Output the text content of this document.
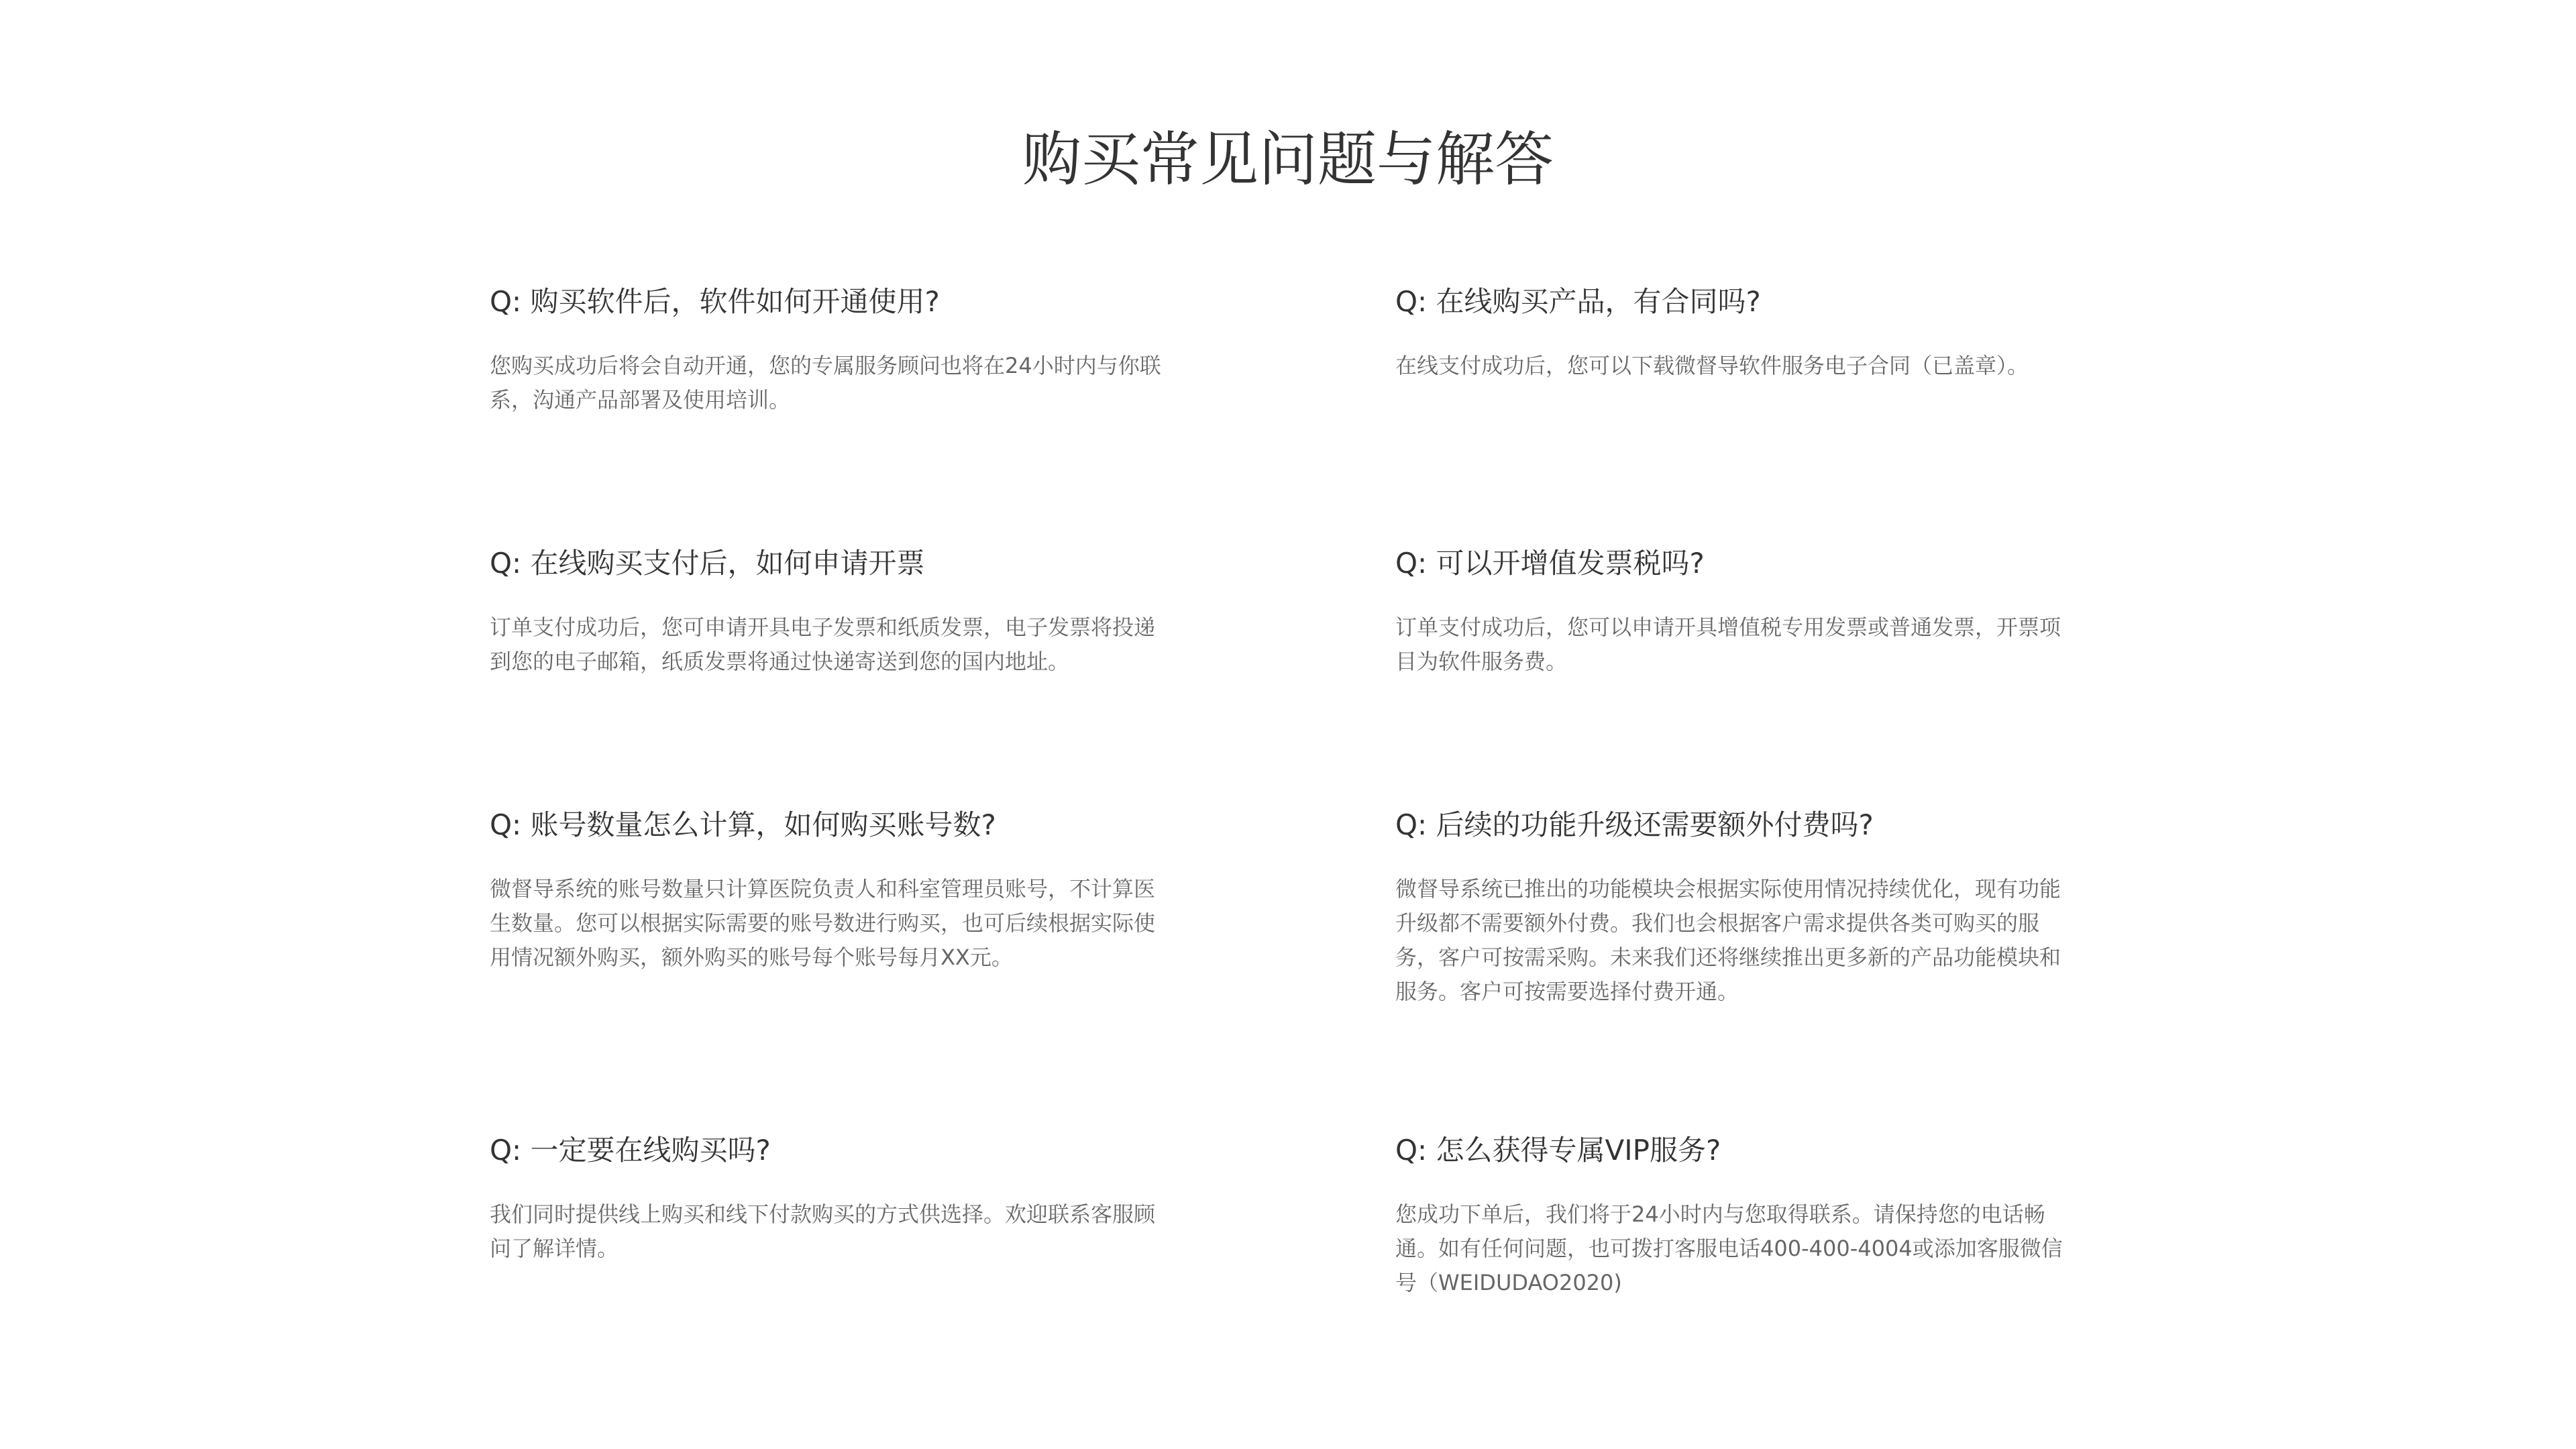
购买常见问题与解答
Q: 购买软件后，软件如何开通使用?

您购买成功后将会自动开通，您的专属服务顾问也将在24小时内与你联系，沟通产品部署及使用培训。

Q: 在线购买产品，有合同吗?

在线支付成功后，您可以下载微督导软件服务电子合同（已盖章）。

Q: 在线购买支付后，如何申请开票

订单支付成功后，您可申请开具电子发票和纸质发票，电子发票将投递到您的电子邮箱，纸质发票将通过快递寄送到您的国内地址。

Q: 可以开增值发票税吗?

订单支付成功后，您可以申请开具增值税专用发票或普通发票，开票项目为软件服务费。

Q: 账号数量怎么计算，如何购买账号数?

微督导系统的账号数量只计算医院负责人和科室管理员账号，不计算医生数量。您可以根据实际需要的账号数进行购买，也可后续根据实际使用情况额外购买，额外购买的账号每个账号每月XX元。

Q: 后续的功能升级还需要额外付费吗?

微督导系统已推出的功能模块会根据实际使用情况持续优化，现有功能升级都不需要额外付费。我们也会根据客户需求提供各类可购买的服务，客户可按需采购。未来我们还将继续推出更多新的产品功能模块和服务。客户可按需要选择付费开通。

Q: 一定要在线购买吗?

我们同时提供线上购买和线下付款购买的方式供选择。欢迎联系客服顾问了解详情。

Q: 怎么获得专属VIP服务?

您成功下单后，我们将于24小时内与您取得联系。请保持您的电话畅通。如有任何问题，也可拨打客服电话400-400-4004或添加客服微信号（WEIDUDAO2020)
